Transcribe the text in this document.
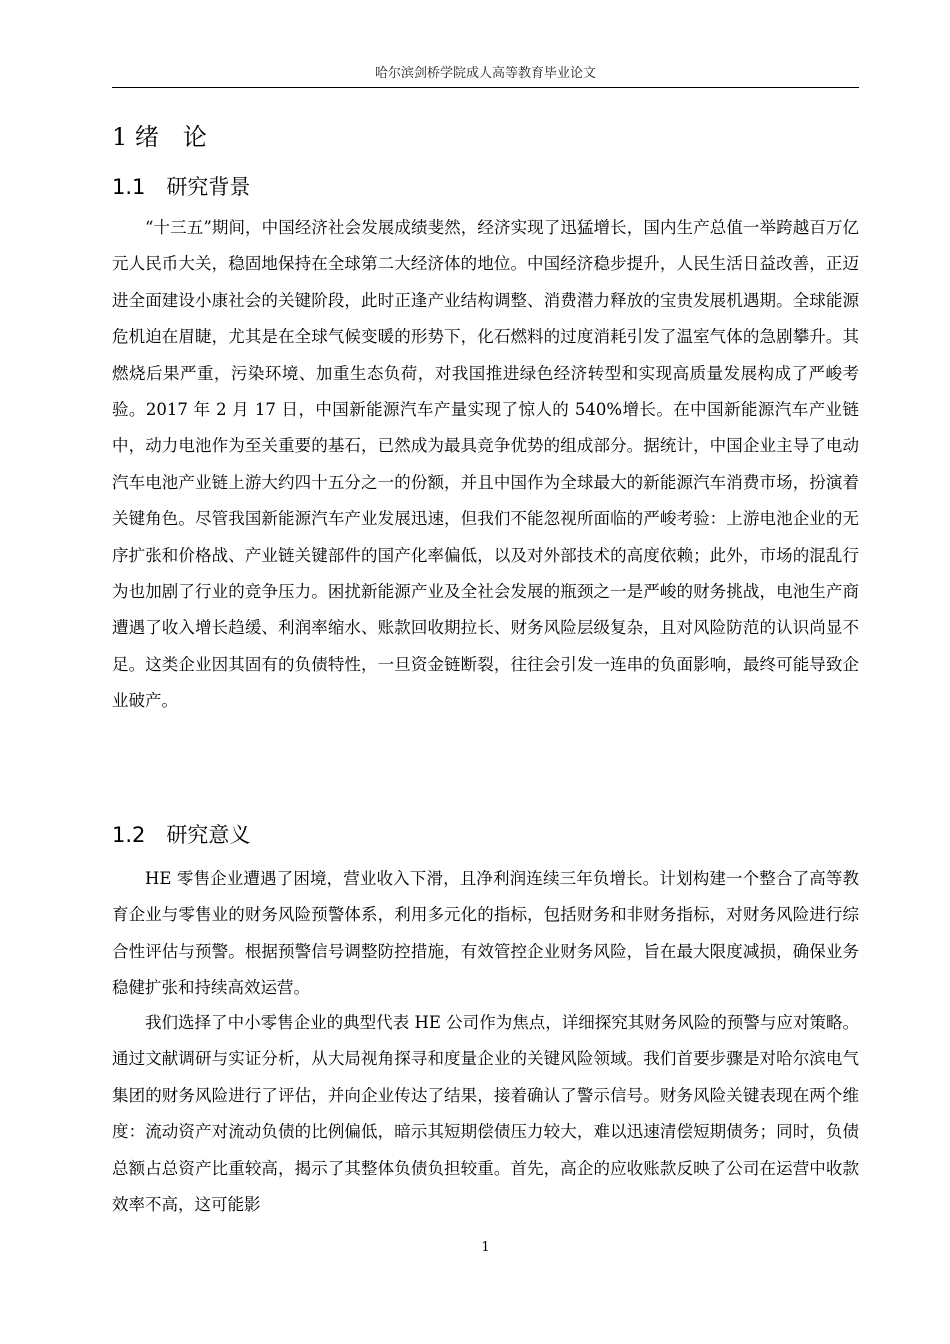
哈尔滨剑桥学院成人高等教育毕业论文
1 绪　论
1.1　研究背景

“十三五”期间，中国经济社会发展成绩斐然，经济实现了迅猛增长，国内生产总值一举跨越百万亿元人民币大关，稳固地保持在全球第二大经济体的地位。中国经济稳步提升，人民生活日益改善，正迈进全面建设小康社会的关键阶段，此时正逢产业结构调整、消费潜力释放的宝贵发展机遇期。全球能源危机迫在眉睫，尤其是在全球气候变暖的形势下，化石燃料的过度消耗引发了温室气体的急剧攀升。其燃烧后果严重，污染环境、加重生态负荷，对我国推进绿色经济转型和实现高质量发展构成了严峻考验。2017 年 2 月 17 日，中国新能源汽车产量实现了惊人的 540%增长。在中国新能源汽车产业链中，动力电池作为至关重要的基石，已然成为最具竞争优势的组成部分。据统计，中国企业主导了电动汽车电池产业链上游大约四十五分之一的份额，并且中国作为全球最大的新能源汽车消费市场，扮演着关键角色。尽管我国新能源汽车产业发展迅速，但我们不能忽视所面临的严峻考验：上游电池企业的无序扩张和价格战、产业链关键部件的国产化率偏低，以及对外部技术的高度依赖；此外，市场的混乱行为也加剧了行业的竞争压力。困扰新能源产业及全社会发展的瓶颈之一是严峻的财务挑战，电池生产商遭遇了收入增长趋缓、利润率缩水、账款回收期拉长、财务风险层级复杂，且对风险防范的认识尚显不足。这类企业因其固有的负债特性，一旦资金链断裂，往往会引发一连串的负面影响，最终可能导致企业破产。

1.2　研究意义

HE 零售企业遭遇了困境，营业收入下滑，且净利润连续三年负增长。计划构建一个整合了高等教育企业与零售业的财务风险预警体系，利用多元化的指标，包括财务和非财务指标，对财务风险进行综合性评估与预警。根据预警信号调整防控措施，有效管控企业财务风险，旨在最大限度减损，确保业务稳健扩张和持续高效运营。

我们选择了中小零售企业的典型代表 HE 公司作为焦点，详细探究其财务风险的预警与应对策略。通过文献调研与实证分析，从大局视角探寻和度量企业的关键风险领域。我们首要步骤是对哈尔滨电气集团的财务风险进行了评估，并向企业传达了结果，接着确认了警示信号。财务风险关键表现在两个维度：流动资产对流动负债的比例偏低，暗示其短期偿债压力较大，难以迅速清偿短期债务；同时，负债总额占总资产比重较高，揭示了其整体负债负担较重。首先，高企的应收账款反映了公司在运营中收款效率不高，这可能影

1
